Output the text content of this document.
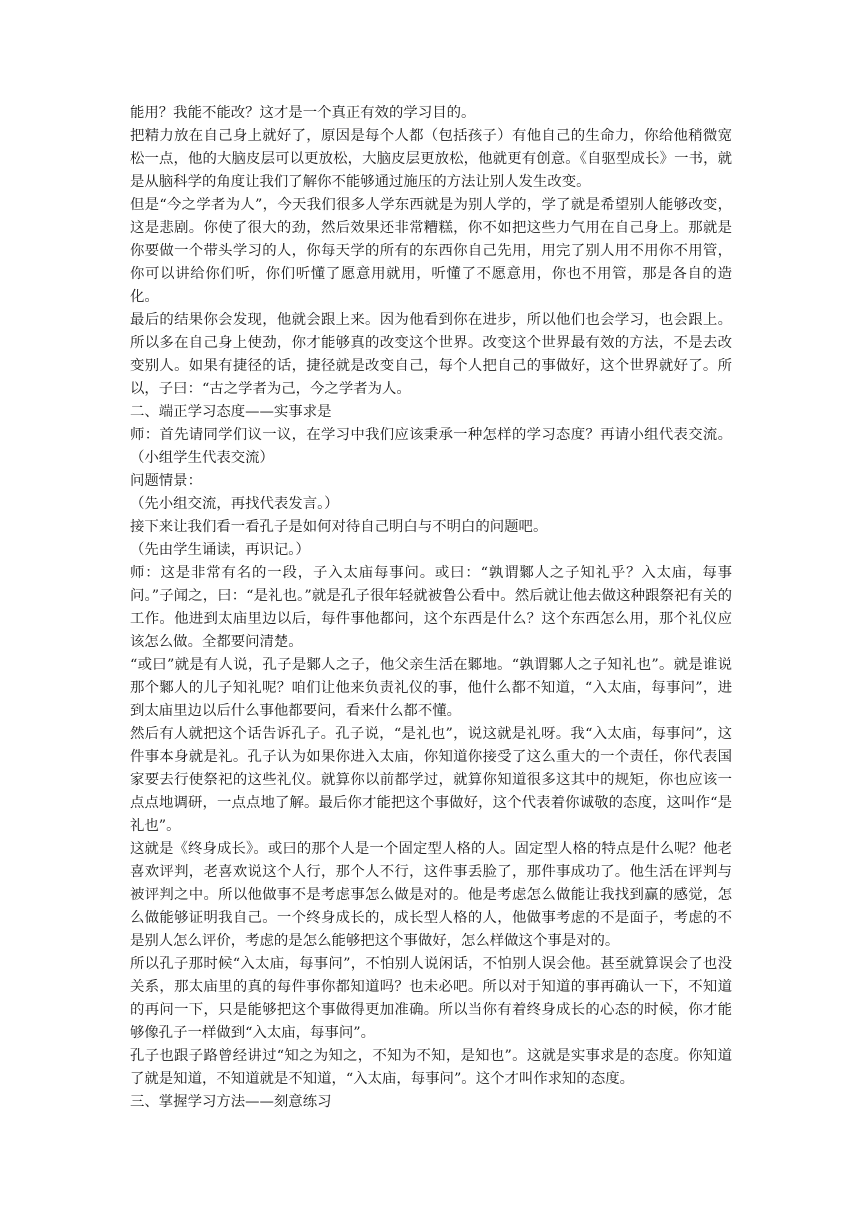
能用？我能不能改？这才是一个真正有效的学习目的。

把精力放在自己身上就好了，原因是每个人都（包括孩子）有他自己的生命力，你给他稍微宽松一点，他的大脑皮层可以更放松，大脑皮层更放松，他就更有创意。《自驱型成长》一书，就是从脑科学的角度让我们了解你不能够通过施压的方法让别人发生改变。

但是“今之学者为人”，今天我们很多人学东西就是为别人学的，学了就是希望别人能够改变，这是悲剧。你使了很大的劲，然后效果还非常糟糕，你不如把这些力气用在自己身上。那就是你要做一个带头学习的人，你每天学的所有的东西你自己先用，用完了别人用不用你不用管，你可以讲给你们听，你们听懂了愿意用就用，听懂了不愿意用，你也不用管，那是各自的造化。

最后的结果你会发现，他就会跟上来。因为他看到你在进步，所以他们也会学习，也会跟上。所以多在自己身上使劲，你才能够真的改变这个世界。改变这个世界最有效的方法，不是去改变别人。如果有捷径的话，捷径就是改变自己，每个人把自己的事做好，这个世界就好了。所以，子曰：“古之学者为己，今之学者为人。

二、端正学习态度——实事求是

师：首先请同学们议一议，在学习中我们应该秉承一种怎样的学习态度？再请小组代表交流。（小组学生代表交流）

问题情景：

（先小组交流，再找代表发言。）

接下来让我们看一看孔子是如何对待自己明白与不明白的问题吧。

（先由学生诵读，再识记。）

师：这是非常有名的一段，子入太庙每事问。或曰：“孰谓鄹人之子知礼乎？入太庙，每事问。”子闻之，曰：“是礼也。”就是孔子很年轻就被鲁公看中。然后就让他去做这种跟祭祀有关的工作。他进到太庙里边以后，每件事他都问，这个东西是什么？这个东西怎么用，那个礼仪应该怎么做。全都要问清楚。

“或曰”就是有人说，孔子是鄹人之子，他父亲生活在鄹地。“孰谓鄹人之子知礼也”。就是谁说那个鄹人的儿子知礼呢？咱们让他来负责礼仪的事，他什么都不知道，“入太庙，每事问”，进到太庙里边以后什么事他都要问，看来什么都不懂。

然后有人就把这个话告诉孔子。孔子说，“是礼也”，说这就是礼呀。我“入太庙，每事问”，这件事本身就是礼。孔子认为如果你进入太庙，你知道你接受了这么重大的一个责任，你代表国家要去行使祭祀的这些礼仪。就算你以前都学过，就算你知道很多这其中的规矩，你也应该一点点地调研，一点点地了解。最后你才能把这个事做好，这个代表着你诚敬的态度，这叫作“是礼也”。

这就是《终身成长》。或曰的那个人是一个固定型人格的人。固定型人格的特点是什么呢？他老喜欢评判，老喜欢说这个人行，那个人不行，这件事丢脸了，那件事成功了。他生活在评判与被评判之中。所以他做事不是考虑事怎么做是对的。他是考虑怎么做能让我找到赢的感觉，怎么做能够证明我自己。一个终身成长的，成长型人格的人，他做事考虑的不是面子，考虑的不是别人怎么评价，考虑的是怎么能够把这个事做好，怎么样做这个事是对的。

所以孔子那时候“入太庙，每事问”，不怕别人说闲话，不怕别人误会他。甚至就算误会了也没关系，那太庙里的真的每件事你都知道吗？也未必吧。所以对于知道的事再确认一下，不知道的再问一下，只是能够把这个事做得更加准确。所以当你有着终身成长的心态的时候，你才能够像孔子一样做到“入太庙，每事问”。

孔子也跟子路曾经讲过“知之为知之，不知为不知，是知也”。这就是实事求是的态度。你知道了就是知道，不知道就是不知道，“入太庙，每事问”。这个才叫作求知的态度。

三、掌握学习方法——刻意练习
